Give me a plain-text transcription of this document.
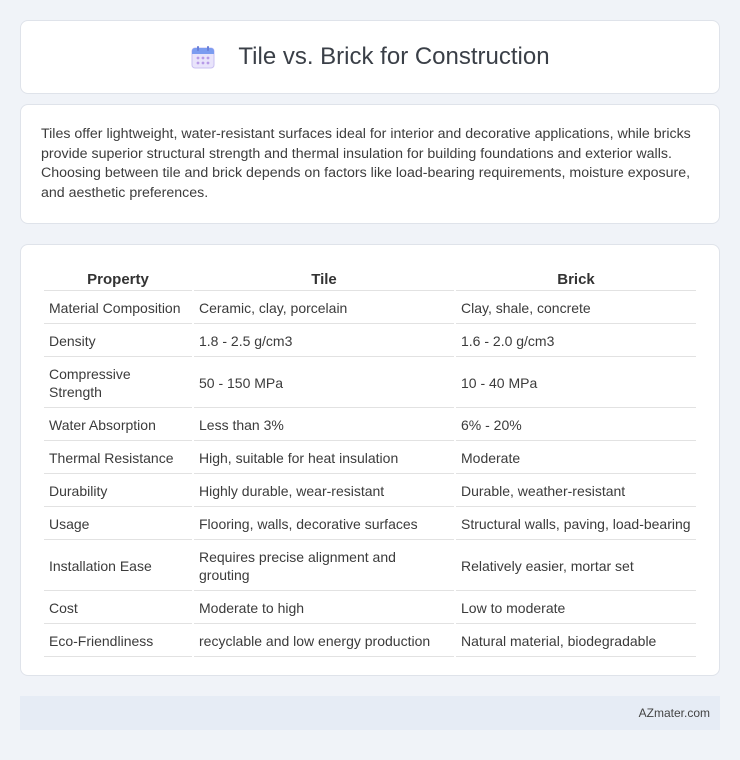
Tile vs. Brick for Construction

Tiles offer lightweight, water-resistant surfaces ideal for interior and decorative applications, while bricks provide superior structural strength and thermal insulation for building foundations and exterior walls. Choosing between tile and brick depends on factors like load-bearing requirements, moisture exposure, and aesthetic preferences.

Property	Tile	Brick
Material Composition	Ceramic, clay, porcelain	Clay, shale, concrete
Density	1.8 - 2.5 g/cm3	1.6 - 2.0 g/cm3
Compressive Strength	50 - 150 MPa	10 - 40 MPa
Water Absorption	Less than 3%	6% - 20%
Thermal Resistance	High, suitable for heat insulation	Moderate
Durability	Highly durable, wear-resistant	Durable, weather-resistant
Usage	Flooring, walls, decorative surfaces	Structural walls, paving, load-bearing
Installation Ease	Requires precise alignment and grouting	Relatively easier, mortar set
Cost	Moderate to high	Low to moderate
Eco-Friendliness	recyclable and low energy production	Natural material, biodegradable
AZmater.com
